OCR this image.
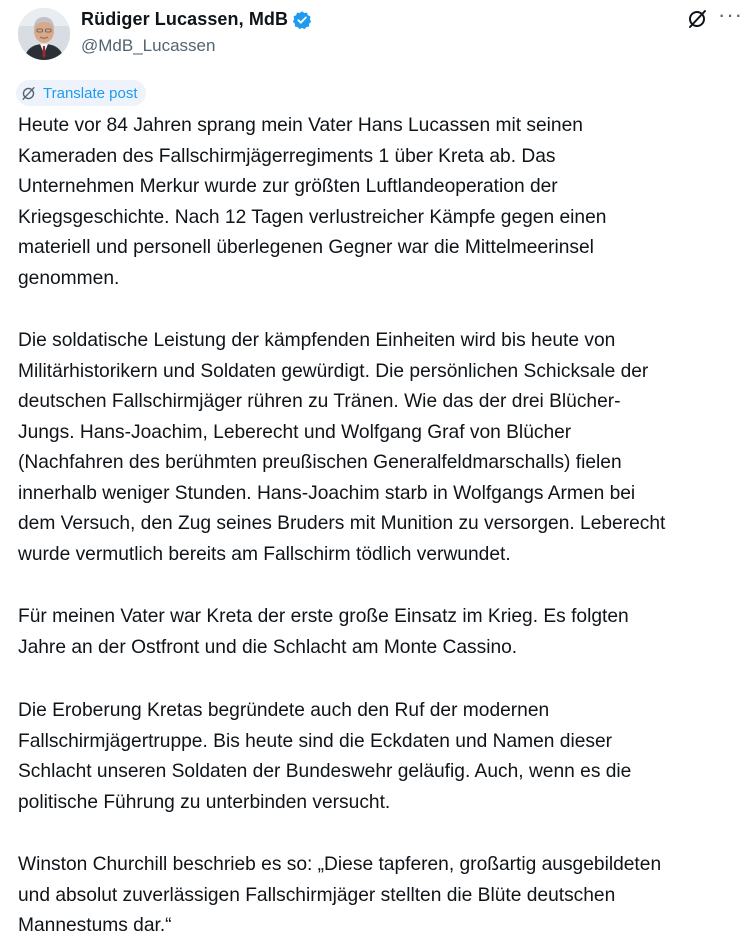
Rüdiger Lucassen, MdB
@MdB_Lucassen
···
Translate post
Heute vor 84 Jahren sprang mein Vater Hans Lucassen mit seinen
Kameraden des Fallschirmjägerregiments 1 über Kreta ab. Das
Unternehmen Merkur wurde zur größten Luftlandeoperation der
Kriegsgeschichte. Nach 12 Tagen verlustreicher Kämpfe gegen einen
materiell und personell überlegenen Gegner war die Mittelmeerinsel
genommen.
Die soldatische Leistung der kämpfenden Einheiten wird bis heute von
Militärhistorikern und Soldaten gewürdigt. Die persönlichen Schicksale der
deutschen Fallschirmjäger rühren zu Tränen. Wie das der drei Blücher-
Jungs. Hans-Joachim, Leberecht und Wolfgang Graf von Blücher
(Nachfahren des berühmten preußischen Generalfeldmarschalls) fielen
innerhalb weniger Stunden. Hans-Joachim starb in Wolfgangs Armen bei
dem Versuch, den Zug seines Bruders mit Munition zu versorgen. Leberecht
wurde vermutlich bereits am Fallschirm tödlich verwundet.
Für meinen Vater war Kreta der erste große Einsatz im Krieg. Es folgten
Jahre an der Ostfront und die Schlacht am Monte Cassino.
Die Eroberung Kretas begründete auch den Ruf der modernen
Fallschirmjägertruppe. Bis heute sind die Eckdaten und Namen dieser
Schlacht unseren Soldaten der Bundeswehr geläufig. Auch, wenn es die
politische Führung zu unterbinden versucht.
Winston Churchill beschrieb es so: „Diese tapferen, großartig ausgebildeten
und absolut zuverlässigen Fallschirmjäger stellten die Blüte deutschen
Mannestums dar.“
